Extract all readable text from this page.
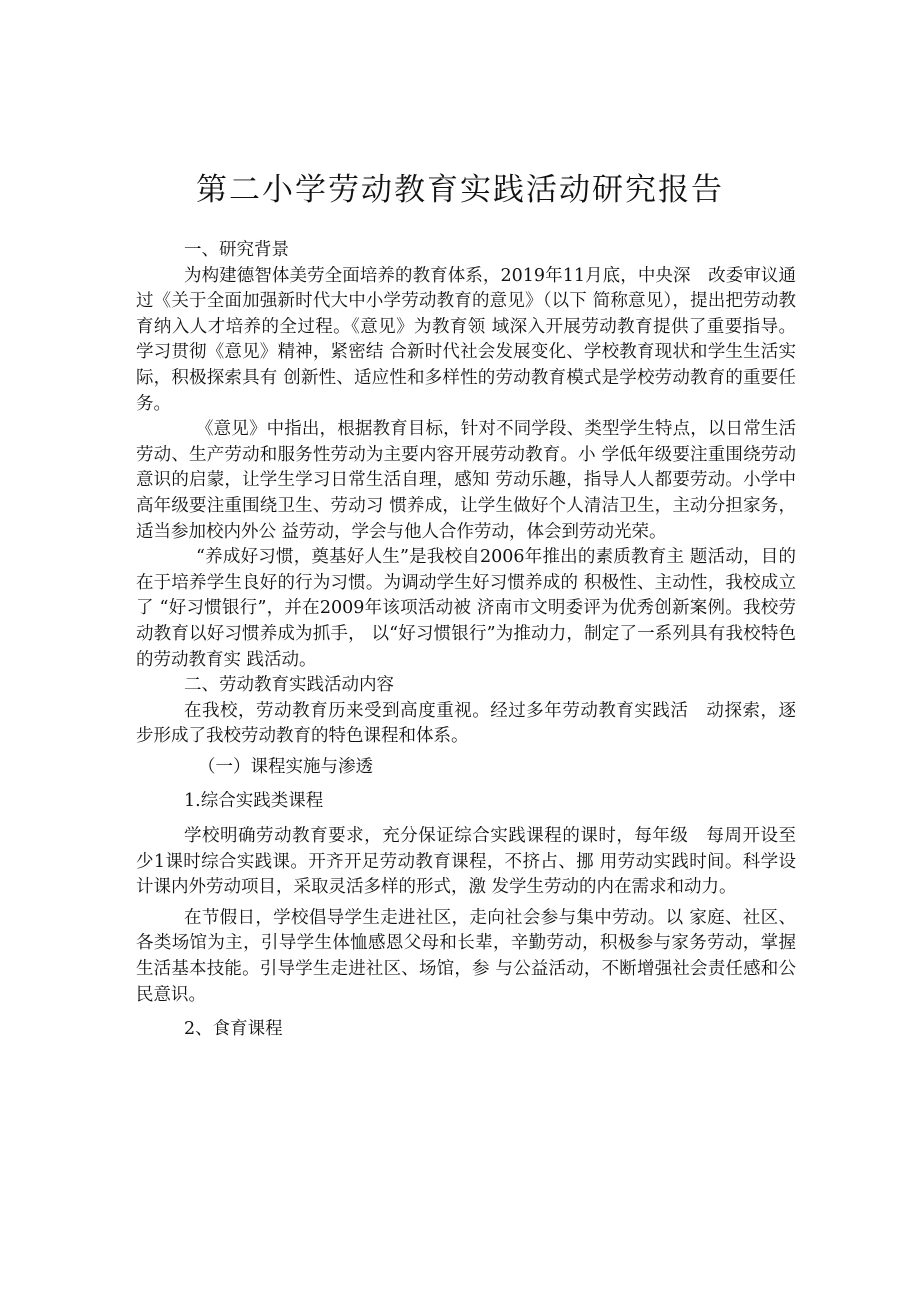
第二小学劳动教育实践活动研究报告

一、研究背景

为构建德智体美劳全面培养的教育体系，2019年11月底，中央深　改委审议通过《关于全面加强新时代大中小学劳动教育的意见》（以下 简称意见），提出把劳动教育纳入人才培养的全过程。《意见》为教育领 域深入开展劳动教育提供了重要指导。学习贯彻《意见》精神，紧密结 合新时代社会发展变化、学校教育现状和学生生活实际，积极探索具有 创新性、适应性和多样性的劳动教育模式是学校劳动教育的重要任务。

《意见》中指出，根据教育目标，针对不同学段、类型学生特点，以日常生活劳动、生产劳动和服务性劳动为主要内容开展劳动教育。小 学低年级要注重围绕劳动意识的启蒙，让学生学习日常生活自理，感知 劳动乐趣，指导人人都要劳动。小学中高年级要注重围绕卫生、劳动习 惯养成，让学生做好个人清洁卫生，主动分担家务，适当参加校内外公 益劳动，学会与他人合作劳动，体会到劳动光荣。

“养成好习惯，奠基好人生”是我校自2006年推出的素质教育主 题活动，目的在于培养学生良好的行为习惯。为调动学生好习惯养成的 积极性、主动性，我校成立了 “好习惯银行”，并在2009年该项活动被 济南市文明委评为优秀创新案例。我校劳动教育以好习惯养成为抓手， 以“好习惯银行”为推动力，制定了一系列具有我校特色的劳动教育实 践活动。

二、劳动教育实践活动内容

在我校，劳动教育历来受到高度重视。经过多年劳动教育实践活　动探索，逐步形成了我校劳动教育的特色课程和体系。

（一）课程实施与渗透

1.综合实践类课程

学校明确劳动教育要求，充分保证综合实践课程的课时，每年级　每周开设至少1课时综合实践课。开齐开足劳动教育课程，不挤占、挪 用劳动实践时间。科学设计课内外劳动项目，采取灵活多样的形式，激 发学生劳动的内在需求和动力。

在节假日，学校倡导学生走进社区，走向社会参与集中劳动。以 家庭、社区、各类场馆为主，引导学生体恤感恩父母和长辈，辛勤劳动，积极参与家务劳动，掌握生活基本技能。引导学生走进社区、场馆，参 与公益活动，不断增强社会责任感和公民意识。

2、食育课程
